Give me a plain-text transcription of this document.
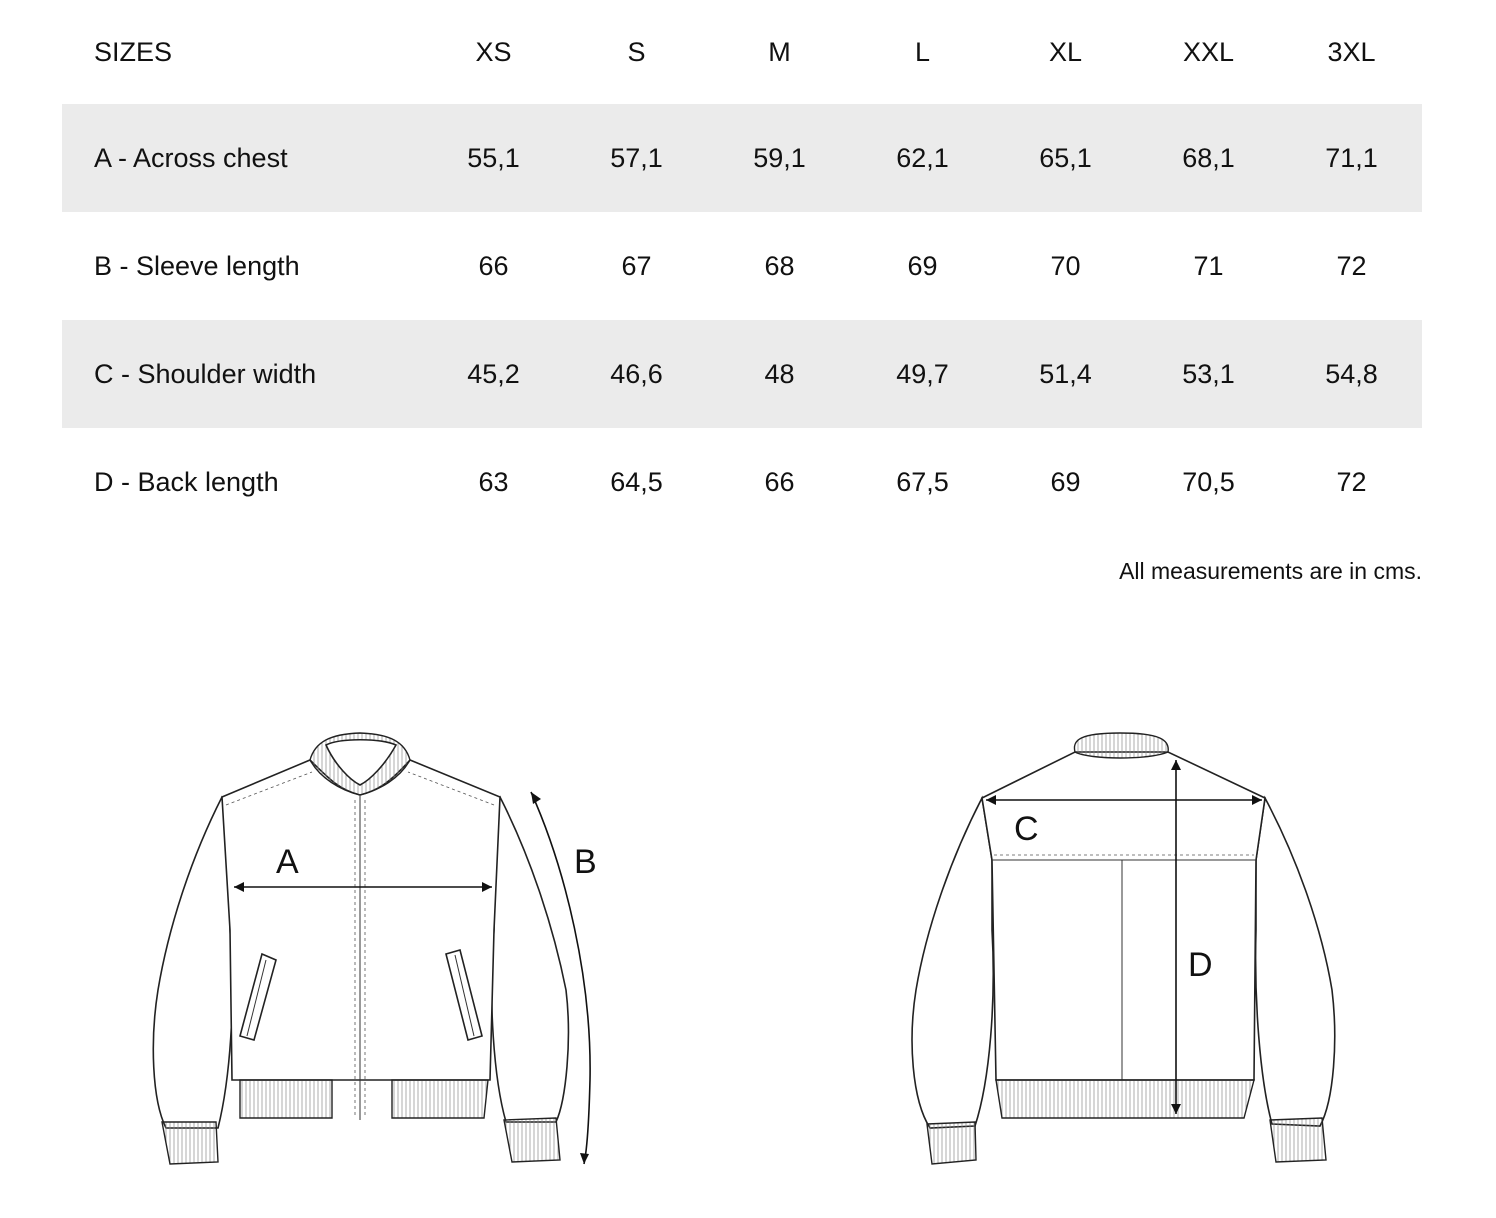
SIZES	XS	S	M	L	XL	XXL	3XL
A - Across chest	55,1	57,1	59,1	62,1	65,1	68,1	71,1
B - Sleeve length	66	67	68	69	70	71	72
C - Shoulder width	45,2	46,6	48	49,7	51,4	53,1	54,8
D - Back length	63	64,5	66	67,5	69	70,5	72
All measurements are in cms.
A	B
C
D
